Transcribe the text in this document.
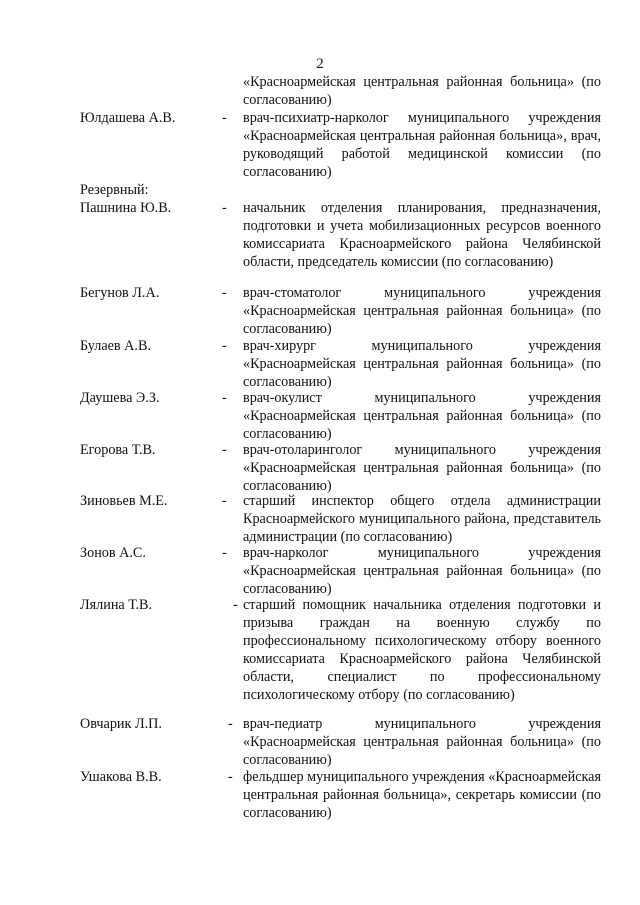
2
«Красноармейская центральная районная больница» (по согласованию)
Юлдашева А.В.	- врач-психиатр-нарколог муниципального учреждения «Красноармейская центральная районная больница», врач, руководящий работой медицинской комиссии (по согласованию)
Резервный:
Пашнина Ю.В.	- начальник отделения планирования, предназначения, подготовки и учета мобилизационных ресурсов военного комиссариата Красноармейского района Челябинской области, председатель комиссии (по согласованию)
Бегунов Л.А.	- врач-стоматолог муниципального учреждения «Красноармейская центральная районная больница» (по согласованию)
Булаев А.В.	- врач-хирург муниципального учреждения «Красноармейская центральная районная больница» (по согласованию)
Даушева Э.З.	- врач-окулист муниципального учреждения «Красноармейская центральная районная больница» (по согласованию)
Егорова Т.В.	- врач-отоларинголог муниципального учреждения «Красноармейская центральная районная больница» (по согласованию)
Зиновьев М.Е.	- старший инспектор общего отдела администрации Красноармейского муниципального района, представитель администрации (по согласованию)
Зонов А.С.	- врач-нарколог муниципального учреждения «Красноармейская центральная районная больница» (по согласованию)
Лялина Т.В.	- старший помощник начальника отделения подготовки и призыва граждан на военную службу по профессиональному психологическому отбору военного комиссариата Красноармейского района Челябинской области, специалист по профессиональному психологическому отбору (по согласованию)
Овчарик Л.П.	- врач-педиатр муниципального учреждения «Красноармейская центральная районная больница» (по согласованию)
Ушакова В.В.	- фельдшер муниципального учреждения «Красноармейская центральная районная больница», секретарь комиссии (по согласованию)
